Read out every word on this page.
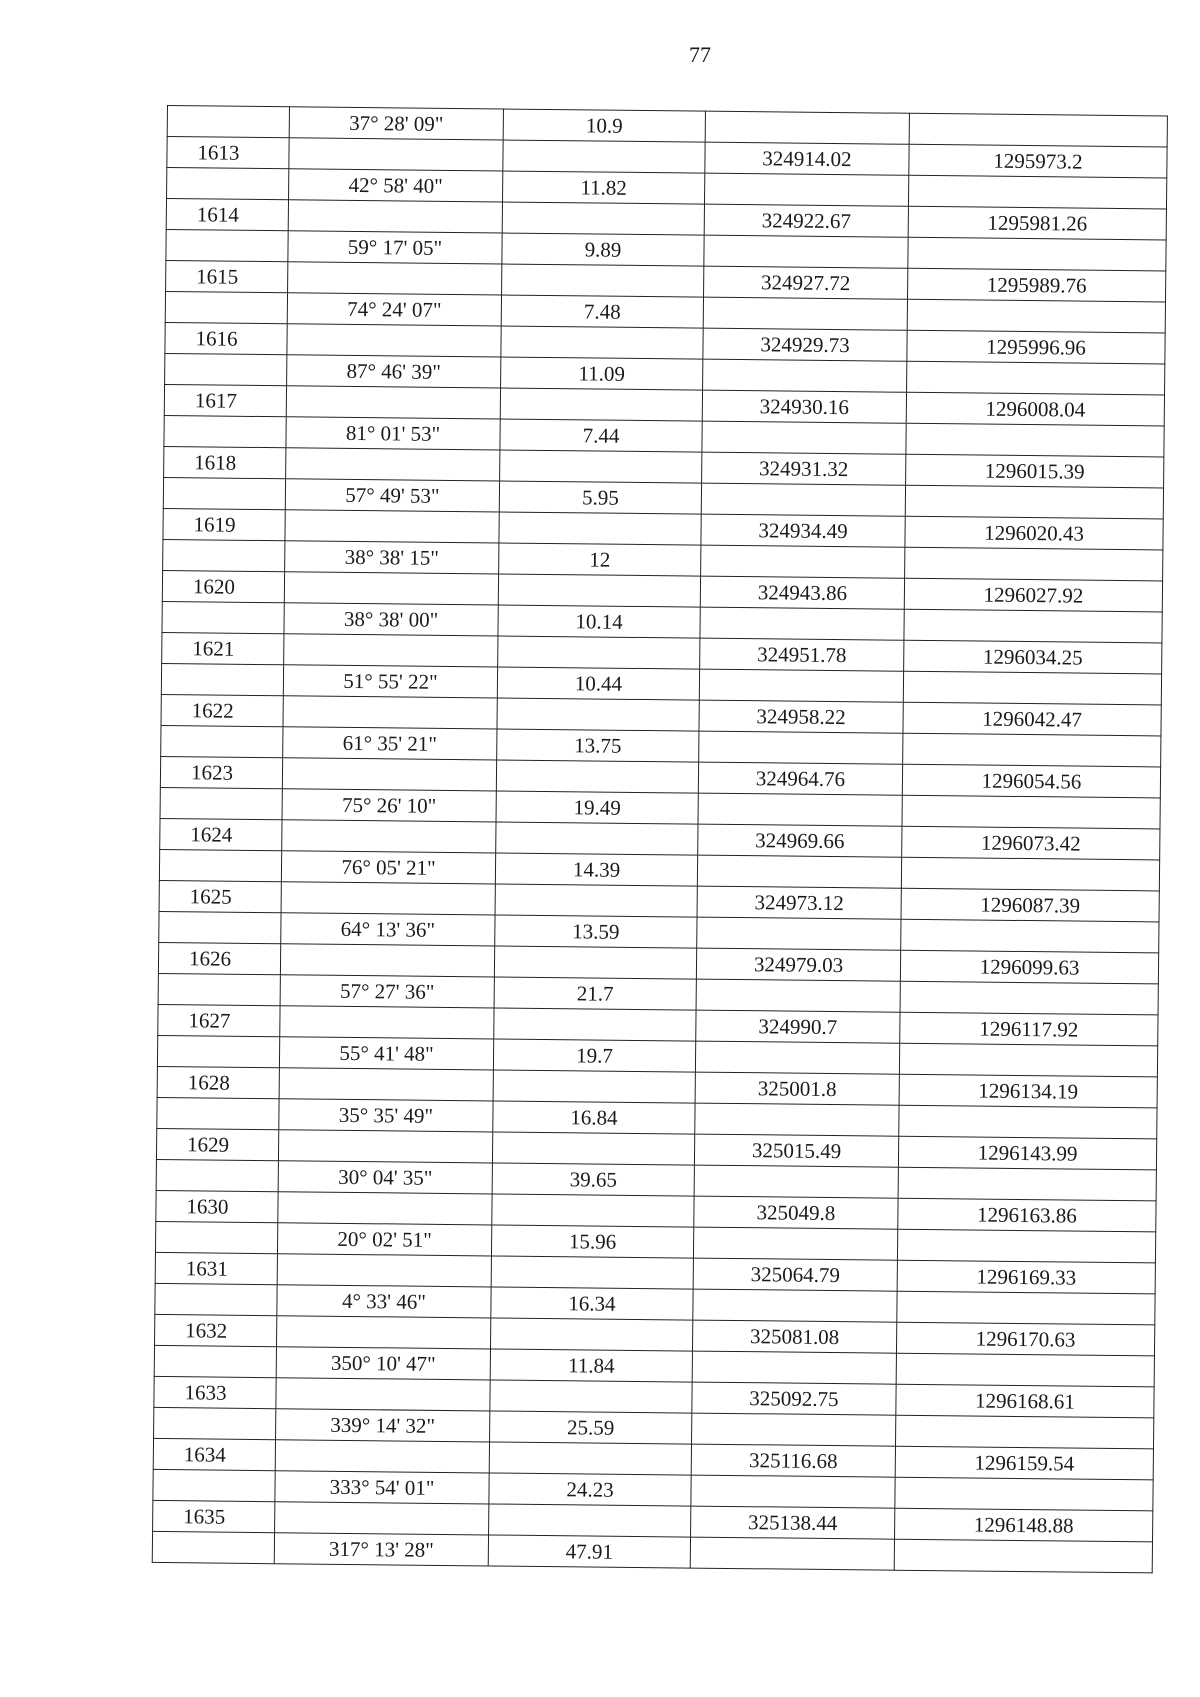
77
	37° 28' 09"	10.9		
1613			324914.02	1295973.2
	42° 58' 40"	11.82		
1614			324922.67	1295981.26
	59° 17' 05"	9.89		
1615			324927.72	1295989.76
	74° 24' 07"	7.48		
1616			324929.73	1295996.96
	87° 46' 39"	11.09		
1617			324930.16	1296008.04
	81° 01' 53"	7.44		
1618			324931.32	1296015.39
	57° 49' 53"	5.95		
1619			324934.49	1296020.43
	38° 38' 15"	12		
1620			324943.86	1296027.92
	38° 38' 00"	10.14		
1621			324951.78	1296034.25
	51° 55' 22"	10.44		
1622			324958.22	1296042.47
	61° 35' 21"	13.75		
1623			324964.76	1296054.56
	75° 26' 10"	19.49		
1624			324969.66	1296073.42
	76° 05' 21"	14.39		
1625			324973.12	1296087.39
	64° 13' 36"	13.59		
1626			324979.03	1296099.63
	57° 27' 36"	21.7		
1627			324990.7	1296117.92
	55° 41' 48"	19.7		
1628			325001.8	1296134.19
	35° 35' 49"	16.84		
1629			325015.49	1296143.99
	30° 04' 35"	39.65		
1630			325049.8	1296163.86
	20° 02' 51"	15.96		
1631			325064.79	1296169.33
	4° 33' 46"	16.34		
1632			325081.08	1296170.63
	350° 10' 47"	11.84		
1633			325092.75	1296168.61
	339° 14' 32"	25.59		
1634			325116.68	1296159.54
	333° 54' 01"	24.23		
1635			325138.44	1296148.88
	317° 13' 28"	47.91		
